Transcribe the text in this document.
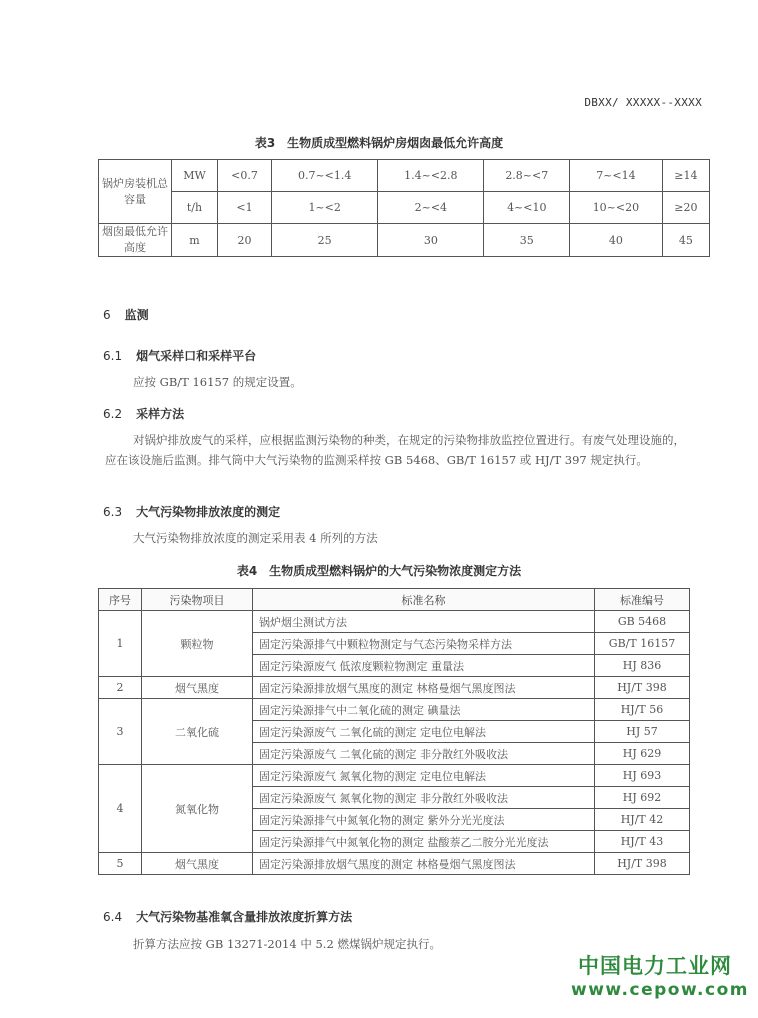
DBXX/ XXXXX--XXXX
表3　生物质成型燃料锅炉房烟囱最低允许高度
锅炉房装机总容量	MW	<0.7	0.7~<1.4	1.4~<2.8	2.8~<7	7~<14	≥14
	t/h	<1	1~<2	2~<4	4~<10	10~<20	≥20
烟囱最低允许高度	m	20	25	30	35	40	45
6 监测
6.1 烟气采样口和采样平台
应按 GB/T 16157 的规定设置。
6.2 采样方法
对锅炉排放废气的采样，应根据监测污染物的种类，在规定的污染物排放监控位置进行。有废气处理设施的，应在该设施后监测。排气筒中大气污染物的监测采样按 GB 5468、GB/T 16157 或 HJ/T 397 规定执行。
6.3 大气污染物排放浓度的测定
大气污染物排放浓度的测定采用表 4 所列的方法
表4　生物质成型燃料锅炉的大气污染物浓度测定方法
序号	污染物项目	标准名称	标准编号
1	颗粒物	锅炉烟尘测试方法	GB 5468
		固定污染源排气中颗粒物测定与气态污染物采样方法	GB/T 16157
		固定污染源废气 低浓度颗粒物测定 重量法	HJ 836
2	烟气黑度	固定污染源排放烟气黑度的测定 林格曼烟气黑度图法	HJ/T 398
3	二氧化硫	固定污染源排气中二氧化硫的测定 碘量法	HJ/T 56
		固定污染源废气 二氧化硫的测定 定电位电解法	HJ 57
		固定污染源废气 二氧化硫的测定 非分散红外吸收法	HJ 629
4	氮氧化物	固定污染源废气 氮氧化物的测定 定电位电解法	HJ 693
		固定污染源废气 氮氧化物的测定 非分散红外吸收法	HJ 692
		固定污染源排气中氮氧化物的测定 紫外分光光度法	HJ/T 42
		固定污染源排气中氮氧化物的测定 盐酸萘乙二胺分光光度法	HJ/T 43
5	烟气黑度	固定污染源排放烟气黑度的测定 林格曼烟气黑度图法	HJ/T 398
6.4 大气污染物基准氧含量排放浓度折算方法
折算方法应按 GB 13271-2014 中 5.2 燃煤锅炉规定执行。
中国电力工业网
www.cepow.com
